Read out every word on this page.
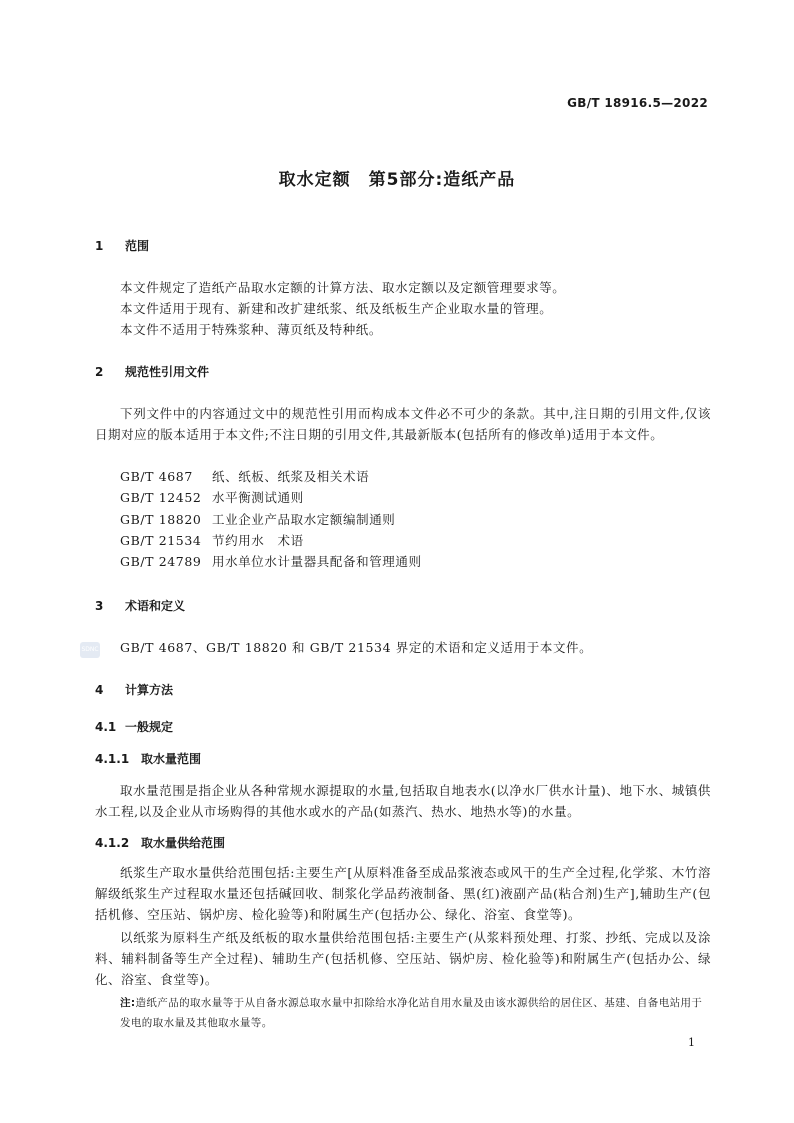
GB/T 18916.5—2022
取水定额　第5部分:造纸产品
1 范围
本文件规定了造纸产品取水定额的计算方法、取水定额以及定额管理要求等。
本文件适用于现有、新建和改扩建纸浆、纸及纸板生产企业取水量的管理。
本文件不适用于特殊浆种、薄页纸及特种纸。
2 规范性引用文件
下列文件中的内容通过文中的规范性引用而构成本文件必不可少的条款。其中,注日期的引用文件,仅该日期对应的版本适用于本文件;不注日期的引用文件,其最新版本(包括所有的修改单)适用于本文件。
GB/T 4687 纸、纸板、纸浆及相关术语
GB/T 12452 水平衡测试通则
GB/T 18820 工业企业产品取水定额编制通则
GB/T 21534 节约用水　术语
GB/T 24789 用水单位水计量器具配备和管理通则
3 术语和定义
SDNC GB/T 4687、GB/T 18820 和 GB/T 21534 界定的术语和定义适用于本文件。
4 计算方法
4.1 一般规定
4.1.1 取水量范围
取水量范围是指企业从各种常规水源提取的水量,包括取自地表水(以净水厂供水计量)、地下水、城镇供水工程,以及企业从市场购得的其他水或水的产品(如蒸汽、热水、地热水等)的水量。
4.1.2 取水量供给范围
纸浆生产取水量供给范围包括:主要生产[从原料准备至成品浆液态或风干的生产全过程,化学浆、木竹溶解级纸浆生产过程取水量还包括碱回收、制浆化学品药液制备、黑(红)液副产品(粘合剂)生产],辅助生产(包括机修、空压站、锅炉房、检化验等)和附属生产(包括办公、绿化、浴室、食堂等)。
以纸浆为原料生产纸及纸板的取水量供给范围包括:主要生产(从浆料预处理、打浆、抄纸、完成以及涂料、辅料制备等生产全过程)、辅助生产(包括机修、空压站、锅炉房、检化验等)和附属生产(包括办公、绿化、浴室、食堂等)。
注:造纸产品的取水量等于从自备水源总取水量中扣除给水净化站自用水量及由该水源供给的居住区、基建、自备电站用于发电的取水量及其他取水量等。
1
